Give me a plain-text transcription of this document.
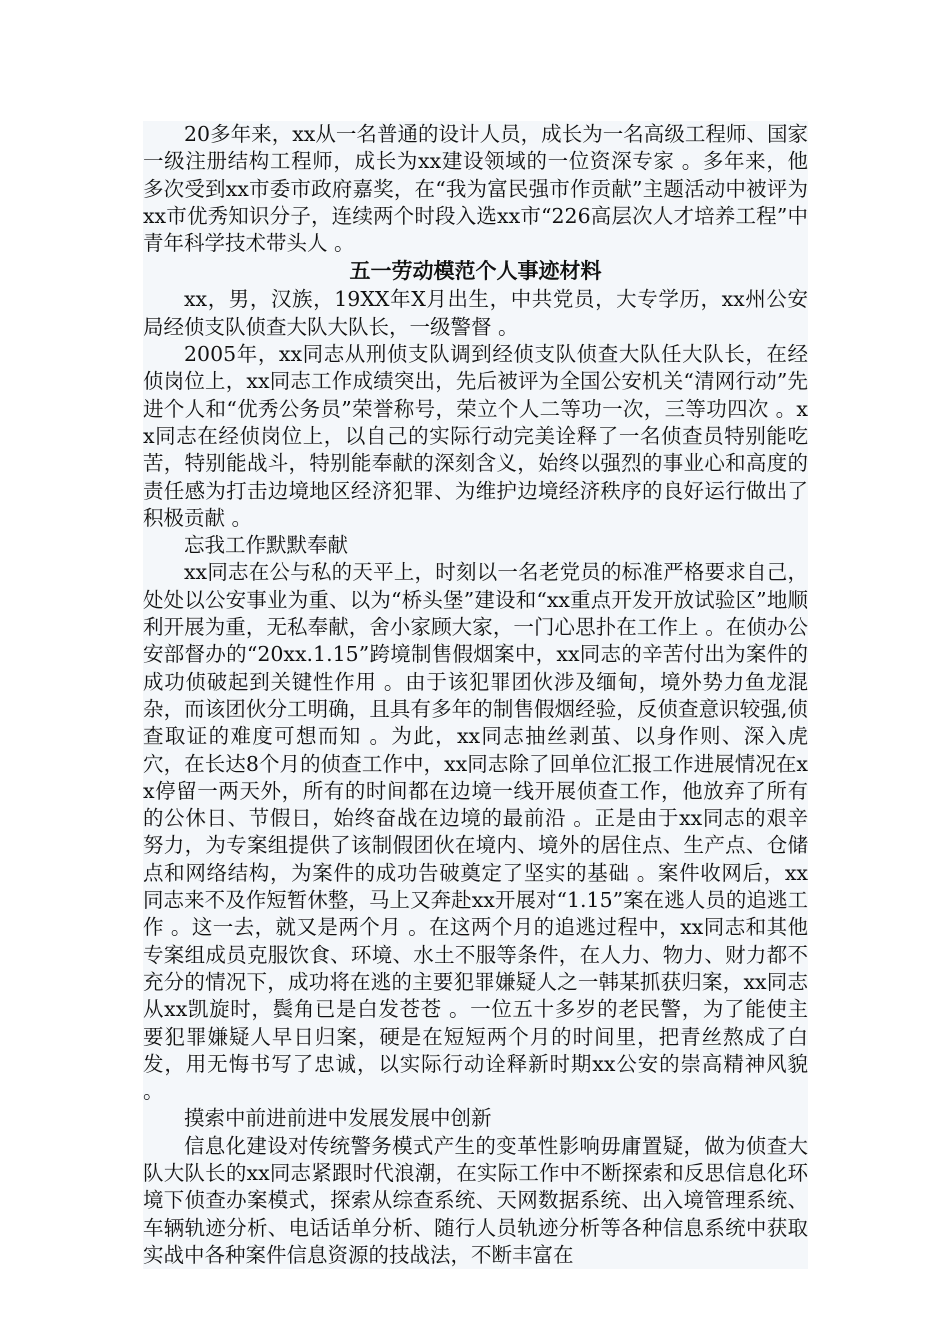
20多年来，xx从一名普通的设计人员，成长为一名高级工程师、国家一级注册结构工程师，成长为xx建设领域的一位资深专家 。多年来，他多次受到xx市委市政府嘉奖，在“我为富民强市作贡献”主题活动中被评为xx市优秀知识分子，连续两个时段入选xx市“226高层次人才培养工程”中青年科学技术带头人 。

五一劳动模范个人事迹材料

xx，男，汉族，19XX年X月出生，中共党员，大专学历，xx州公安局经侦支队侦查大队大队长，一级警督 。

2005年，xx同志从刑侦支队调到经侦支队侦查大队任大队长，在经侦岗位上，xx同志工作成绩突出，先后被评为全国公安机关“清网行动”先进个人和“优秀公务员”荣誉称号，荣立个人二等功一次，三等功四次 。xx同志在经侦岗位上，以自己的实际行动完美诠释了一名侦查员特别能吃苦，特别能战斗，特别能奉献的深刻含义，始终以强烈的事业心和高度的责任感为打击边境地区经济犯罪、为维护边境经济秩序的良好运行做出了积极贡献 。

忘我工作默默奉献

xx同志在公与私的天平上，时刻以一名老党员的标准严格要求自己，处处以公安事业为重、以为“桥头堡”建设和“xx重点开发开放试验区”地顺利开展为重，无私奉献，舍小家顾大家，一门心思扑在工作上 。在侦办公安部督办的“20xx.1.15”跨境制售假烟案中，xx同志的辛苦付出为案件的成功侦破起到关键性作用 。由于该犯罪团伙涉及缅甸，境外势力鱼龙混杂，而该团伙分工明确，且具有多年的制售假烟经验，反侦查意识较强,侦查取证的难度可想而知 。为此，xx同志抽丝剥茧、以身作则、深入虎穴，在长达8个月的侦查工作中，xx同志除了回单位汇报工作进展情况在xx停留一两天外，所有的时间都在边境一线开展侦查工作，他放弃了所有的公休日、节假日，始终奋战在边境的最前沿 。正是由于xx同志的艰辛努力，为专案组提供了该制假团伙在境内、境外的居住点、生产点、仓储点和网络结构，为案件的成功告破奠定了坚实的基础 。案件收网后，xx同志来不及作短暂休整，马上又奔赴xx开展对“1.15”案在逃人员的追逃工作 。这一去，就又是两个月 。在这两个月的追逃过程中，xx同志和其他专案组成员克服饮食、环境、水土不服等条件，在人力、物力、财力都不充分的情况下，成功将在逃的主要犯罪嫌疑人之一韩某抓获归案，xx同志从xx凯旋时，鬓角已是白发苍苍 。一位五十多岁的老民警，为了能使主要犯罪嫌疑人早日归案，硬是在短短两个月的时间里，把青丝熬成了白发，用无悔书写了忠诚，以实际行动诠释新时期xx公安的崇高精神风貌 。

摸索中前进前进中发展发展中创新

信息化建设对传统警务模式产生的变革性影响毋庸置疑，做为侦查大队大队长的xx同志紧跟时代浪潮，在实际工作中不断探索和反思信息化环境下侦查办案模式，探索从综查系统、天网数据系统、出入境管理系统、车辆轨迹分析、电话话单分析、随行人员轨迹分析等各种信息系统中获取实战中各种案件信息资源的技战法，不断丰富在
